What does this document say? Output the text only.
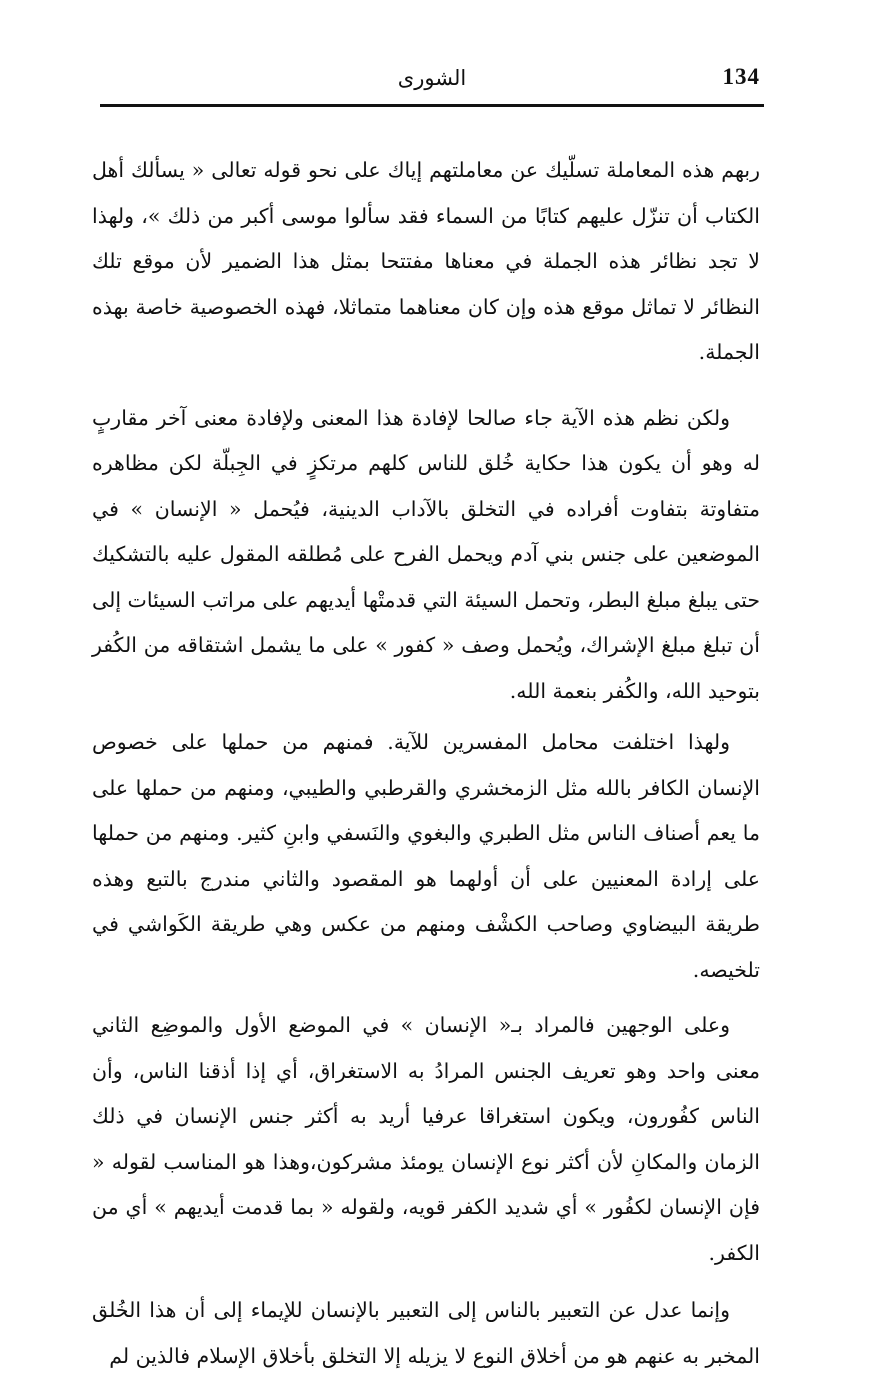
134
الشورى

ربهم هذه المعاملة تسلّيك عن معاملتهم إياك على نحو قوله تعالى « يسألك أهل الكتاب أن تنزّل عليهم كتابًا من السماء فقد سألوا موسى أكبر من ذلك »، ولهذا لا تجد نظائر هذه الجملة في معناها مفتتحا بمثل هذا الضمير لأن موقع تلك النظائر لا تماثل موقع هذه وإن كان معناهما متماثلا، فهذه الخصوصية خاصة بهذه الجملة.

ولكن نظم هذه الآية جاء صالحا لإفادة هذا المعنى ولإفادة معنى آخر مقاربٍ له وهو أن يكون هذا حكاية خُلق للناس كلهم مرتكزٍ في الجِبلّة لكن مظاهره متفاوتة بتفاوت أفراده في التخلق بالآداب الدينية، فيُحمل « الإنسان » في الموضعين على جنس بني آدم ويحمل الفرح على مُطلقه المقول عليه بالتشكيك حتى يبلغ مبلغ البطر، وتحمل السيئة التي قدمتْها أيديهم على مراتب السيئات إلى أن تبلغ مبلغ الإشراك، ويُحمل وصف « كفور » على ما يشمل اشتقاقه من الكُفر بتوحيد الله، والكُفر بنعمة الله.

ولهذا اختلفت محامل المفسرين للآية. فمنهم من حملها على خصوص الإنسان الكافر بالله مثل الزمخشري والقرطبي والطيبي، ومنهم من حملها على ما يعم أصناف الناس مثل الطبري والبغوي والنَسفي وابنِ كثير. ومنهم من حملها على إرادة المعنيين على أن أولهما هو المقصود والثاني مندرج بالتبع وهذه طريقة البيضاوي وصاحب الكشْف ومنهم من عكس وهي طريقة الكَواشي في تلخيصه.

وعلى الوجهين فالمراد بـ« الإنسان » في الموضع الأول والموضِع الثاني معنى واحد وهو تعريف الجنس المرادُ به الاستغراق، أي إذا أذقنا الناس، وأن الناس كفُورون، ويكون استغراقا عرفيا أريد به أكثر جنس الإنسان في ذلك الزمان والمكانِ لأن أكثر نوع الإنسان يومئذ مشركون،وهذا هو المناسب لقوله « فإن الإنسان لكفُور » أي شديد الكفر قويه، ولقوله « بما قدمت أيديهم » أي من الكفر.

وإنما عدل عن التعبير بالناس إلى التعبير بالإنسان للإيماء إلى أن هذا الخُلق المخبر به عنهم هو من أخلاق النوع لا يزيله إلا التخلق بأخلاق الإسلام فالذين لم
